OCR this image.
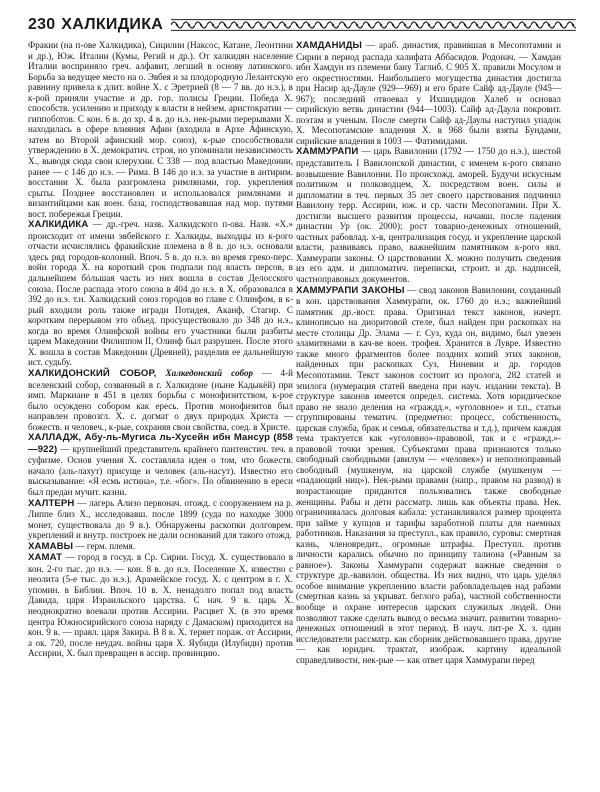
230 ХАЛКИДИКА

Фракии (на п-ове Халкидика), Сицилии (Наксос, Катане, Леонтини и др.), Юж. Италии (Кумы, Регий и др.). От халкидян население Италии восприняло греч. алфавит, легший в основу латинского. Борьба за ведущее место на о. Эвбея и за плодородную Лелантскую равнину привела к длит. войне Х. с Эретрией (8 — 7 вв. до н.э.), в к-рой приняли участие и др. гор. полисы Греции. Победа Х. способств. усилению и приходу к власти в нейзем. аристократии — гиппоботов. С кон. 6 в. до хр. 4 в. до н.э. нек-рыми перерывами Х. находилась в сфере влияния Афин (входила в Архе Афинскую, затем во Второй афинский мор. союз), к-рые способствовали утверждению в Х. демократич. строя, но упоминали независимость Х., выводя сюда свои клерухии. С 338 — под властью Македонии, ранее — с 146 до н.э. — Рима. В 146 до н.э. за участие в антирим. восстании Х. была разгромлена римлянами, гор. укрепления срыты. Позднее восстановлен и использовался римлянами и византийцами как воен. база, господствовавшая над мор. путями вост. побережья Греции.

ХАЛКИДИКА — др.-греч. назв. Халкидского п-ова. Назв. «Х.» происходит от имени эвбейского г. Халкиды, выходцы из к-рого отчасти исчислялись фракийские племена в 8 в. до н.э. основали здесь ряд городов-колоний. Впоч. 5 в. до н.э. во время греко-перс. войн города Х. на короткий срок подпали под власть персов, в дальнейшем бóльшая часть из них вошла в состав Делосского союза. После распада этого союза в 404 до н.э. в Х. образовался в 392 до н.э. т.н. Халкидский союз городов во главе с Олинфом, в к-рый входили роль также игради Потидея, Аканф, Стагир. С коротким перерывом это объед. просуществовало до 348 до н.э., когда во время Олинфской войны его участники были разбиты царем Македонии Филиппом II, Олинф был разрушен. После этого Х. вошла в состав Македонии (Древней), разделив ее дальнейшую ист. судьбу.

ХАЛКИДОНСКИЙ СОБОР, Халкедонский собор — 4-й вселенский собор, созванный в г. Халкидоне (ныне Кадыкёй) при имп. Маркиане в 451 в целях борьбы с монофизитством, к-рое было осуждено собором как ересь. Против монофизитов был направлен провозгл. Х. с. догмат о двух природах Христа — божеств. и человеч., к-рые, сохраняя свои свойства, соед. в Христе.

ХАЛЛАДЖ, Абу-ль-Мугиса ль-Хусейн ибн Мансур (858—922) — крупнейший представитель крайнего пантеистич. теч. в суфизме. Основ учения Х. составляла идея о том, что божеств. начало (аль-лахут) присуще и человек (аль-насут). Известно его высказывание: «Я есмь истина», т.е. «бог». По обвинению в ереси был предан мучит. казни.

ХАЛТЕРН — лагерь Ализо первонач. отожд. с сооружением на р. Липпе близ Х., исследовавш. после 1899 (суда по находке 3000 монет, существовала до 9 в.). Обнаружены раскопки долговрем. укреплений и внутр. построек не дали оснований для такого отожд.

ХАМАВЫ — герм. племя.

ХАМАТ — город в госуд. в Ср. Сирии. Госуд. Х. существовало в кон. 2-го тыс. до н.э. — кон. 8 в. до н.э. Поселение Х. известно с неолита (5-е тыс. до н.э.). Арамейское госуд. Х. с центром в г. Х. упомин. в Библии. Впоч. 10 в. Х. ненадолго попал под власть Давида, царя Израильского царства. С нач. 9 в. царь Х. неоднократно воевали против Ассирии. Расцвет Х. (в это время центра Южносирийского союза наряду с Дамаском) приходится на кон. 9 в. — правл. царя Закира. В 8 в. Х. теряет пораж. от Ассирии, а ок. 720, после неудач. войны царя Х. Яубиди (Илубиди) против Ассирии, Х. был превращен в ассир. провинцию.

ХАМДАНИДЫ — араб. династия, правившая в Месопотамии и Сирии в период распада халифата Аббасидов. Родонач. — Хамдан ибн Хамдун из племени бану Таглиб. С 905 Х. правили Мосулом и его окрестностями. Наибольшего могущества династия достигла при Насир ад-Дауле (929—969) и его брате Сайф ад-Дауле (945—967); последний отвоевал у Ихшидидов Халеб и основал сирийскую ветвь династии (944—1003). Сайф ад-Даула покровит. поэтам и ученым. После смерти Сайф ад-Даулы наступил упадок Х. Месопотамские владения Х. в 968 были взяты Бундами, сирийские владения в 1003 — Фатимидами.

ХАММУРАПИ — царь Вавилонии (1792 — 1750 до н.э.), шестой представитель I Вавилонской династии, с именем к-рого связано возвышение Вавилонии. По происхожд. аморей. Будучи искусным политиком и полководцем, Х. посредством воен. силы и дипломатии в теч. первых 35 лет своего царствования подчинил Вавилону терр. Ассирии, юж. и ср. части Месопотамии. При Х. достигли высшего развития процессы, начавш. после падения династии Ур (ок. 2000): рост товарно-денежных отношений, частных рабовлад. х-в, централизация госуд. и укрепление царской власти, развиваясь право, важнейшим памятником к-рого явл. Хаммурапи законы. О царствовании Х. можно получить сведения из его адм. и дипломатич. переписки, строит. и др. надписей, частноправовых документов.

ХАММУРАПИ ЗАКОНЫ — свод законов Вавилонии, созданный в кон. царствования Хаммурапи, ок. 1760 до н.э.; важнейший памятник др.-вост. права. Оригинал текст законов, начерт. клинописью на диоритовой стеле, был найден при раскопках на месте столицы Др. Элама — г. Суз, куда он, видимо, был увезен эламитянами в кач-ве воен. трофея. Хранится в Лувре. Известно также много фрагментов более поздних копий этих законов, найденных при раскопках Суз, Ниневии и др. городов Месопотамии. Текст законов состоит из пролога, 282 статей и эпилога (нумерация статей введена при науч. издании текста). В структуре законов имеется определ. система. Хотя юридическое право не знало деления на «граждд.», «уголовное» и т.п., статьи сгруппированы тематич. (предметно: процесс, собственность, царская служба, брак и семья, обязательства и т.д.), причем каждая тема трактуется как «уголовно»-правовой, так и с «гражд.»-правовой точки зрения. Субъектами права признаются только свободный свободными (авилум — «человек») и неполноправный свободный (мушкенум, на царской службе (мушкенум — «падающий ниц»). Нек-рыми правами (напр., правом на развод) в возрастающие придаются пользовались также свободные женщины. Рабы и дети рассматр. лишь как объекты права. Нек. ограничивалась долговая кабала: устанавливался размер процента при займе у купцов и тарифы заработной платы для наемных работников. Наказания за преступл., как правило, суровы: смертная казнь, членовредит., огромные штрафы. Преступл. против личности карались обычно по принципу талиона («Равным за равное»). Законы Хаммурапи содержат важные сведения о структуре др.-вавилон. общества. Из них видно, что царь уделял особое внимание укреплению власти рабовладельцев над рабами (смертная казнь за укрыват. беглого раба), частной собственности вообще и охране интересов царских служилых людей. Они позволяют также сделать вывод о весьма значит. развитии товарно-денежных отношений в этот период. В науч. лит-ре Х. з. один исследователи рассматр. как сборник действовавшего права, другие — как юридич. трактат, изображ. картину идеальной справедливости, нек-рые — как ответ царя Хаммурапи перед
